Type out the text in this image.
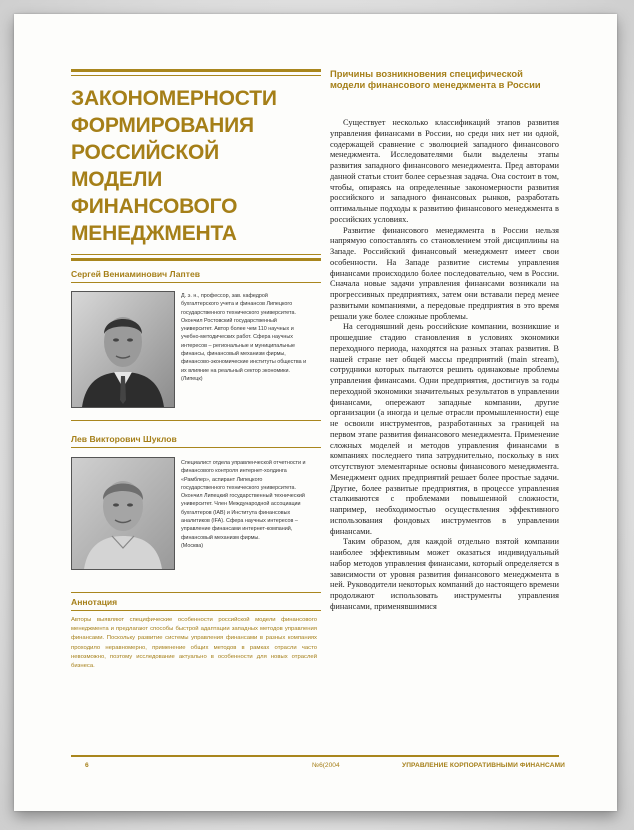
ЗАКОНОМЕРНОСТИ ФОРМИРОВАНИЯ РОССИЙСКОЙ МОДЕЛИ ФИНАНСОВОГО МЕНЕДЖМЕНТА
Сергей Вениаминович Лаптев
Д. э. н., профессор, зав. кафедрой бухгалтерского учета и финансов Липецкого государственного технического университета. Окончил Ростовский государственный университет. Автор более чем 110 научных и учебно-методических работ. Сфера научных интересов – региональные и муниципальные финансы, финансовый механизм фирмы, финансово-экономические институты общества и их влияние на реальный сектор экономики.
(Липецк)
Лев Викторович Шуклов
Специалист отдела управленческой отчетности и финансового контроля интернет-холдинга «Рамблер», аспирант Липецкого государственного технического университета. Окончил Липецкий государственный технический университет. Член Международной ассоциации бухгалтеров (IAB) и Института финансовых аналитиков (IFA). Сфера научных интересов – управление финансами интернет-компаний, финансовый механизм фирмы.
(Москва)
Аннотация
Авторы выявляют специфические особенности российской модели финансового менеджмента и предлагают способы быстрой адаптации западных методов управления финансами. Поскольку развитие системы управления финансами в разных компаниях проходило неравномерно, применение общих методов в рамках отрасли часто невозможно, поэтому исследование актуально в особенности для новых отраслей бизнеса.
Причины возникновения специфической модели финансового менеджмента в России

Существует несколько классификаций этапов развития управления финансами в России, но среди них нет ни одной, содержащей сравнение с эволюцией западного финансового менеджмента. Исследователями были выделены этапы развития западного финансового менеджмента. Пред авторами данной статьи стоит более серьезная задача. Она состоит в том, чтобы, опираясь на определенные закономерности развития российского и западного финансовых рынков, разработать оптимальные подходы к развитию финансового менеджмента в российских условиях.

Развитие финансового менеджмента в России нельзя напрямую сопоставлять со становлением этой дисциплины на Западе. Российский финансовый менеджмент имеет свои особенности. На Западе развитие системы управления финансами происходило более последовательно, чем в России. Сначала новые задачи управления финансами возникали на прогрессивных предприятиях, затем они вставали перед менее развитыми компаниями, а передовые предприятия в это время решали уже более сложные проблемы.

На сегодняшний день российские компании, возникшие и прошедшие стадию становления в условиях экономики переходного периода, находятся на разных этапах развития. В нашей стране нет общей массы предприятий (main stream), сотрудники которых пытаются решить одинаковые проблемы управления финансами. Одни предприятия, достигнув за годы переходной экономики значительных результатов в управлении финансами, опережают западные компании, другие организации (а иногда и целые отрасли промышленности) еще не освоили инструментов, разработанных за границей на первом этапе развития финансового менеджмента. Применение сложных моделей и методов управления финансами в компаниях последнего типа затруднительно, поскольку в них отсутствуют элементарные основы финансового менеджмента. Менеджмент одних предприятий решает более простые задачи. Другие, более развитые предприятия, в процессе управления сталкиваются с проблемами повышенной сложности, например, необходимостью осуществления эффективного использования фондовых инструментов в управлении финансами.

Таким образом, для каждой отдельно взятой компании наиболее эффективным может оказаться индивидуальный набор методов управления финансами, который определяется в зависимости от уровня развития финансового менеджмента в ней. Руководители некоторых компаний до настоящего времени продолжают использовать инструменты управления финансами, применявшимися

6	№6(2004	УПРАВЛЕНИЕ КОРПОРАТИВНЫМИ ФИНАНСАМИ
